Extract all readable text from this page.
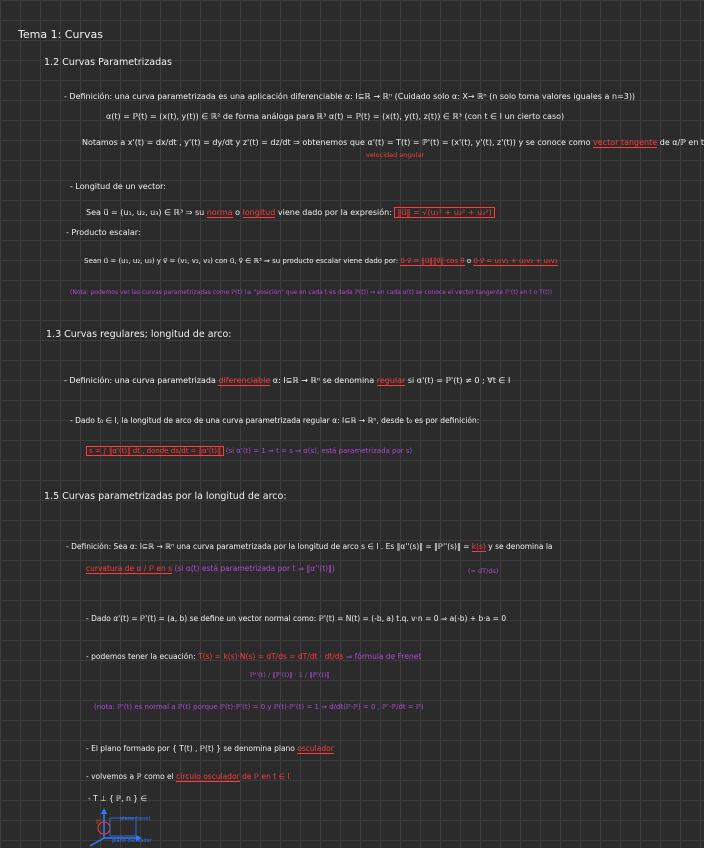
Tema 1: Curvas
1.2 Curvas Parametrizadas
- Definición: una curva parametrizada es una aplicación diferenciable α: I⊆ℝ → ℝⁿ (Cuidado solo α: X→ ℝⁿ (n solo toma valores iguales a n=3))
α(t) = ℙ(t) = (x(t), y(t)) ∈ ℝ² de forma análoga para ℝ³ α(t) = ℙ(t) = (x(t), y(t), z(t)) ∈ ℝ³ (con t ∈ I un cierto caso)
Notamos a x'(t) = dx/dt , y'(t) = dy/dt y z'(t) = dz/dt ⇒ obtenemos que α'(t) = T(t) = ℙ'(t) = (x'(t), y'(t), z'(t)) y se conoce como vector tangente de α/ℙ en t
velocidad angular
- Longitud de un vector:
Sea u⃗ = (u₁, u₂, u₃) ∈ ℝ³ ⇒ su norma o longitud viene dado por la expresión: ‖u⃗‖ = √(u₁² + u₂² + u₃²)
- Producto escalar:
Sean u⃗ = (u₁, u₂, u₃) y v⃗ = (v₁, v₂, v₃) con u⃗, v⃗ ∈ ℝ³ ⇒ su producto escalar viene dado por: u⃗·v⃗ = ‖u⃗‖‖v⃗‖ cos θ o u⃗·v⃗ = u₁v₁ + u₂v₂ + u₃v₃
(Nota: podemos ver las curvas parametrizadas como ℙ(t) (≡ "posición" que en cada t es dada ℙ(t)) ⇒ en cada α(t) se conoce el vector tangente ℙ'(t) en t o T(t))
1.3 Curvas regulares; longitud de arco:
- Definición: una curva parametrizada diferenciable α: I⊆ℝ → ℝⁿ se denomina regular si α'(t) = ℙ'(t) ≠ 0 ; ∀t ∈ I
- Dado t₀ ∈ I, la longitud de arco de una curva parametrizada regular α: I⊆ℝ → ℝⁿ, desde t₀ es por definición:
s = ∫ ‖α'(t)‖ dt , donde ds/dt = ‖α'(t)‖ (si α'(t) = 1 ⇒ t = s ⇒ α(s), está parametrizada por s)
1.5 Curvas parametrizadas por la longitud de arco:
- Definición: Sea α: I⊆ℝ → ℝⁿ una curva parametrizada por la longitud de arco s ∈ I . Es ‖α''(s)‖ = ‖ℙ''(s)‖ = k(s) y se denomina la
curvatura de α / ℙ en s (si α(t) está parametrizada por t ⇒ ‖α''(t)‖)	(= dT/ds)
- Dado α'(t) = ℙ'(t) = (a, b) se define un vector normal como: ℙ'(t) = N(t) = (-b, a) t.q. v·n = 0 ⇒ a(-b) + b·a = 0
- podemos tener la ecuación: T(s) = k(s)·N(s) = dT/ds = dT/dt · dt/ds ⇒ fórmula de Frenet
ℙ''(t) / ‖ℙ'(t)‖ · 1 / ‖ℙ'(t)‖
(nota: ℙ'(t) es normal a ℙ(t) porque ℙ(t)·ℙ'(t) = 0 y ℙ(t)·ℙ'(t) = 1 ⇒ d/dt(ℙ·ℙ) = 0 , ℙ'·ℙ/dt = ℙ)
- El plano formado por { T(t) , ℙ(t) } se denomina plano osculador
- volvemos a ℙ como el círculo osculador de ℙ en t ∈ I
- T ⊥ { ℙ, n } ∈
plano frenet
plano osculador
ℙ
